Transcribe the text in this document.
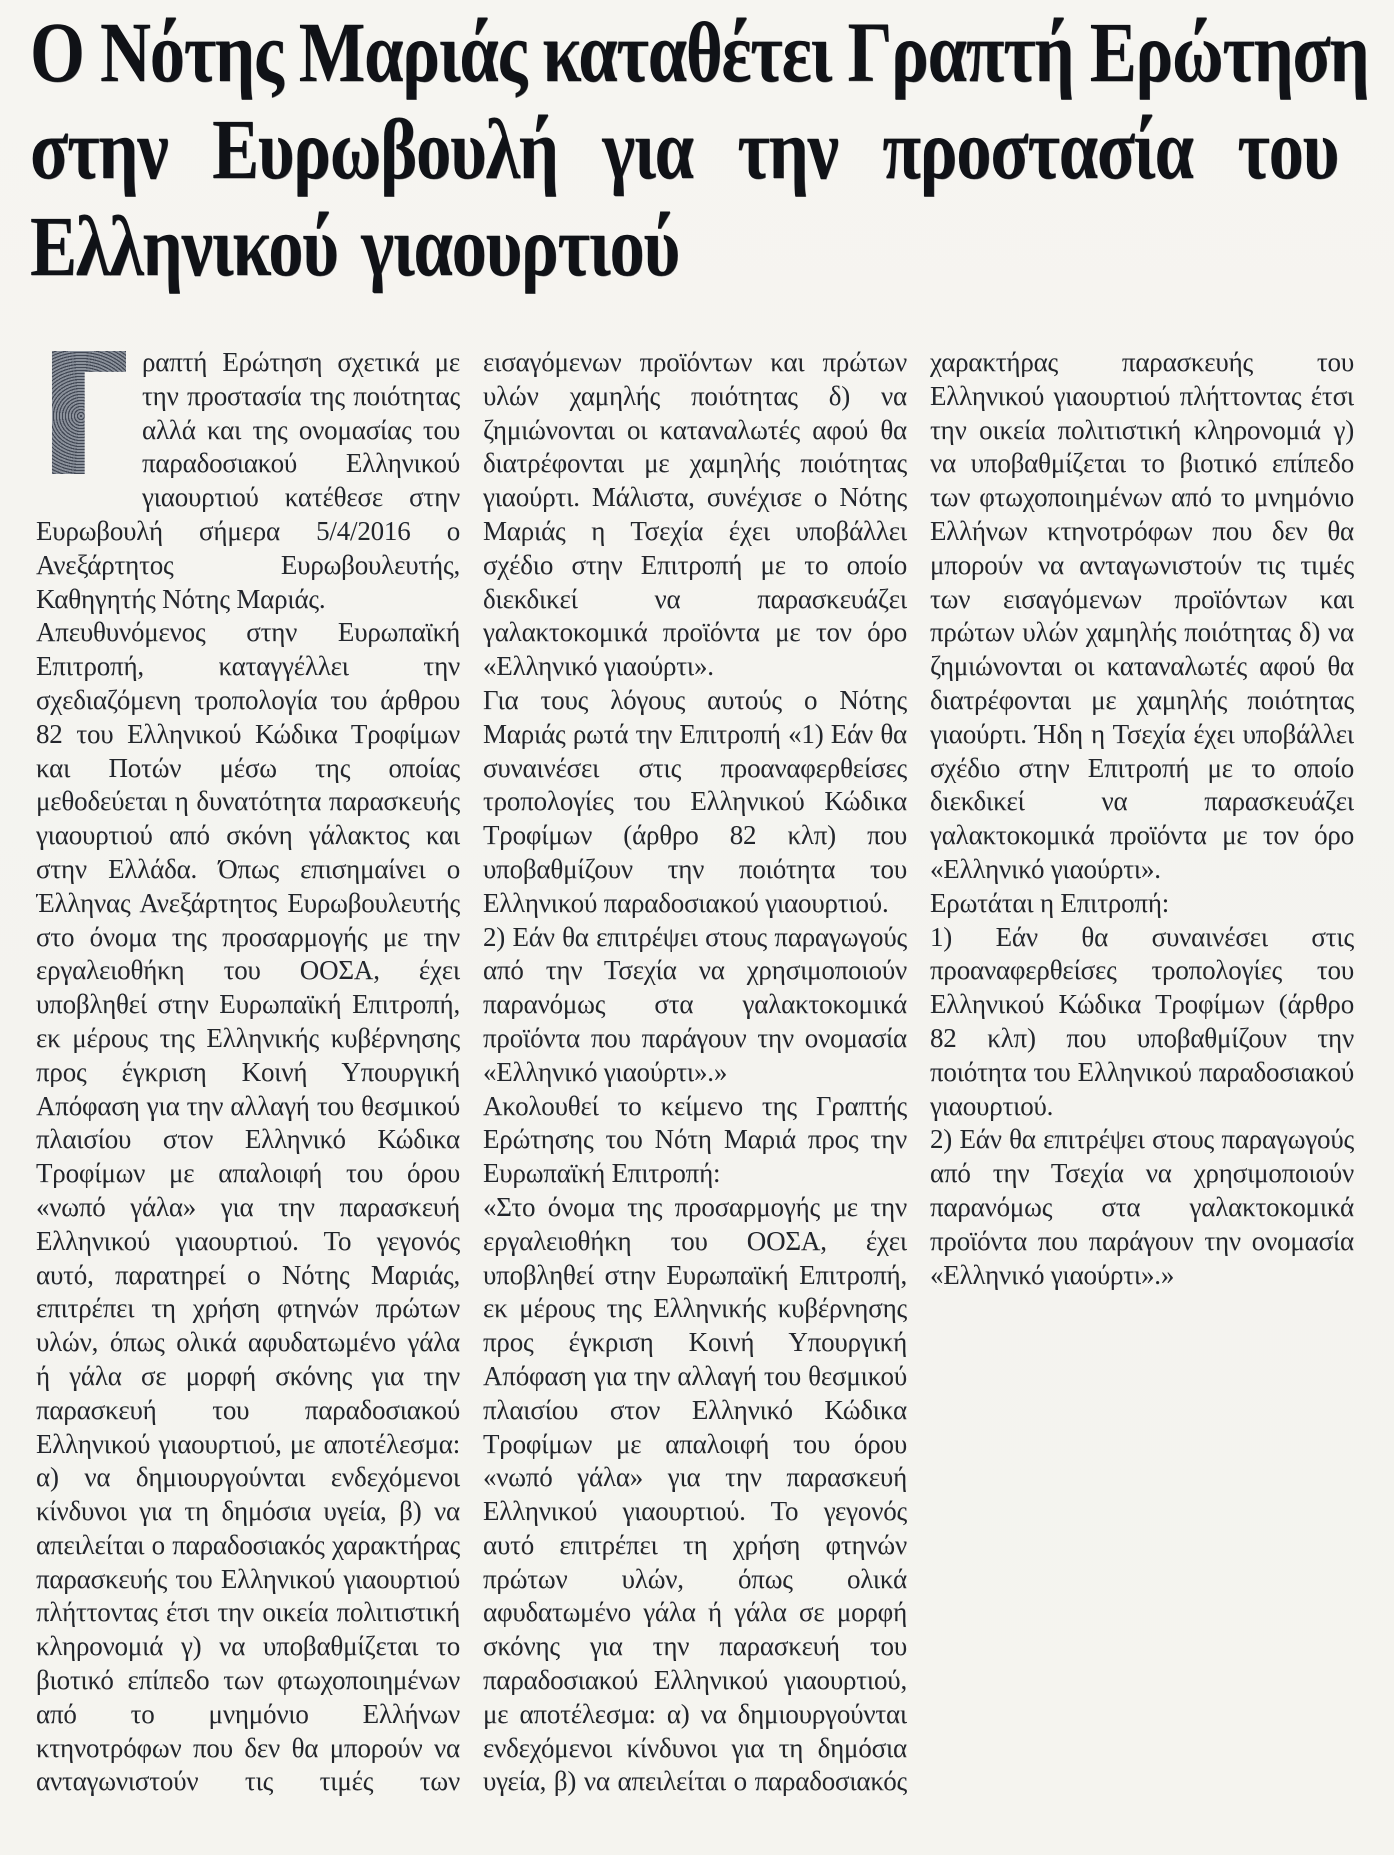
Ο Νότης Μαριάς καταθέτει Γραπτή Ερώτηση
στην Ευρωβουλή για την προστασία του
Ελληνικού γιαουρτιού

Γ
ραπτή Ερώτηση σχετικά με την προστασία της ποιότητας αλλά και της ονομασίας του παραδοσιακού Ελληνικού γιαουρτιού κατέθεσε στην Ευρωβουλή σήμερα 5/4/2016 ο Ανεξάρτητος Ευρωβουλευτής, Καθηγητής Νότης Μαριάς.

Απευθυνόμενος στην Ευρωπαϊκή Επιτροπή, καταγγέλλει την σχεδιαζόμενη τροπολογία του άρθρου 82 του Ελληνικού Κώδικα Τροφίμων και Ποτών μέσω της οποίας μεθοδεύεται η δυνατότητα παρασκευής γιαουρτιού από σκόνη γάλακτος και στην Ελλάδα. Όπως επισημαίνει ο Έλληνας Ανεξάρτητος Ευρωβουλευτής στο όνομα της προσαρμογής με την εργαλειοθήκη του ΟΟΣΑ, έχει υποβληθεί στην Ευρωπαϊκή Επιτροπή, εκ μέρους της Ελληνικής κυβέρνησης προς έγκριση Κοινή Υπουργική Απόφαση για την αλλαγή του θεσμικού πλαισίου στον Ελληνικό Κώδικα Τροφίμων με απαλοιφή του όρου «νωπό γάλα» για την παρασκευή Ελληνικού γιαουρτιού. Το γεγονός αυτό, παρατηρεί ο Νότης Μαριάς, επιτρέπει τη χρήση φτηνών πρώτων υλών, όπως ολικά αφυδατωμένο γάλα ή γάλα σε μορφή σκόνης για την παρασκευή του παραδοσιακού Ελληνικού γιαουρτιού, με αποτέλεσμα: α) να δημιουργούνται ενδεχόμενοι κίνδυνοι για τη δημόσια υγεία, β) να απειλείται ο παραδοσιακός χαρακτήρας παρασκευής του Ελληνικού γιαουρτιού πλήττοντας έτσι την οικεία πολιτιστική κληρονομιά γ) να υποβαθμίζεται το βιοτικό επίπεδο των φτωχοποιημένων από το μνημόνιο Ελλήνων κτηνοτρόφων που δεν θα μπορούν να ανταγωνιστούν τις τιμές των εισαγόμενων προϊόντων και πρώτων υλών χαμηλής ποιότητας δ) να ζημιώνονται οι καταναλωτές αφού θα διατρέφονται με χαμηλής ποιότητας γιαούρτι. Μάλιστα, συνέχισε ο Νότης Μαριάς η Τσεχία έχει υποβάλλει σχέδιο στην Επιτροπή με το οποίο διεκδικεί να παρασκευάζει γαλακτοκομικά προϊόντα με τον όρο «Ελληνικό γιαούρτι».

Για τους λόγους αυτούς ο Νότης Μαριάς ρωτά την Επιτροπή «1) Εάν θα συναινέσει στις προαναφερθείσες τροπολογίες του Ελληνικού Κώδικα Τροφίμων (άρθρο 82 κλπ) που υποβαθμίζουν την ποιότητα του Ελληνικού παραδοσιακού γιαουρτιού.

2) Εάν θα επιτρέψει στους παραγωγούς από την Τσεχία να χρησιμοποιούν παρανόμως στα γαλακτοκομικά προϊόντα που παράγουν την ονομασία «Ελληνικό γιαούρτι».»

Ακολουθεί το κείμενο της Γραπτής Ερώτησης του Νότη Μαριά προς την Ευρωπαϊκή Επιτροπή:

«Στο όνομα της προσαρμογής με την εργαλειοθήκη του ΟΟΣΑ, έχει υποβληθεί στην Ευρωπαϊκή Επιτροπή, εκ μέρους της Ελληνικής κυβέρνησης προς έγκριση Κοινή Υπουργική Απόφαση για την αλλαγή του θεσμικού πλαισίου στον Ελληνικό Κώδικα Τροφίμων με απαλοιφή του όρου «νωπό γάλα» για την παρασκευή Ελληνικού γιαουρτιού. Το γεγονός αυτό επιτρέπει τη χρήση φτηνών πρώτων υλών, όπως ολικά αφυδατωμένο γάλα ή γάλα σε μορφή σκόνης για την παρασκευή του παραδοσιακού Ελληνικού γιαουρτιού, με αποτέλεσμα: α) να δημιουργούνται ενδεχόμενοι κίνδυνοι για τη δημόσια υγεία, β) να απειλείται ο παραδοσιακός χαρακτήρας παρασκευής του Ελληνικού γιαουρτιού πλήττοντας έτσι την οικεία πολιτιστική κληρονομιά γ) να υποβαθμίζεται το βιοτικό επίπεδο των φτωχοποιημένων από το μνημόνιο Ελλήνων κτηνοτρόφων που δεν θα μπορούν να ανταγωνιστούν τις τιμές των εισαγόμενων προϊόντων και πρώτων υλών χαμηλής ποιότητας δ) να ζημιώνονται οι καταναλωτές αφού θα διατρέφονται με χαμηλής ποιότητας γιαούρτι. Ήδη η Τσεχία έχει υποβάλλει σχέδιο στην Επιτροπή με το οποίο διεκδικεί να παρασκευάζει γαλακτοκομικά προϊόντα με τον όρο «Ελληνικό γιαούρτι».

Ερωτάται η Επιτροπή:

1) Εάν θα συναινέσει στις προαναφερθείσες τροπολογίες του Ελληνικού Κώδικα Τροφίμων (άρθρο 82 κλπ) που υποβαθμίζουν την ποιότητα του Ελληνικού παραδοσιακού γιαουρτιού.

2) Εάν θα επιτρέψει στους παραγωγούς από την Τσεχία να χρησιμοποιούν παρανόμως στα γαλακτοκομικά προϊόντα που παράγουν την ονομασία «Ελληνικό γιαούρτι».»
